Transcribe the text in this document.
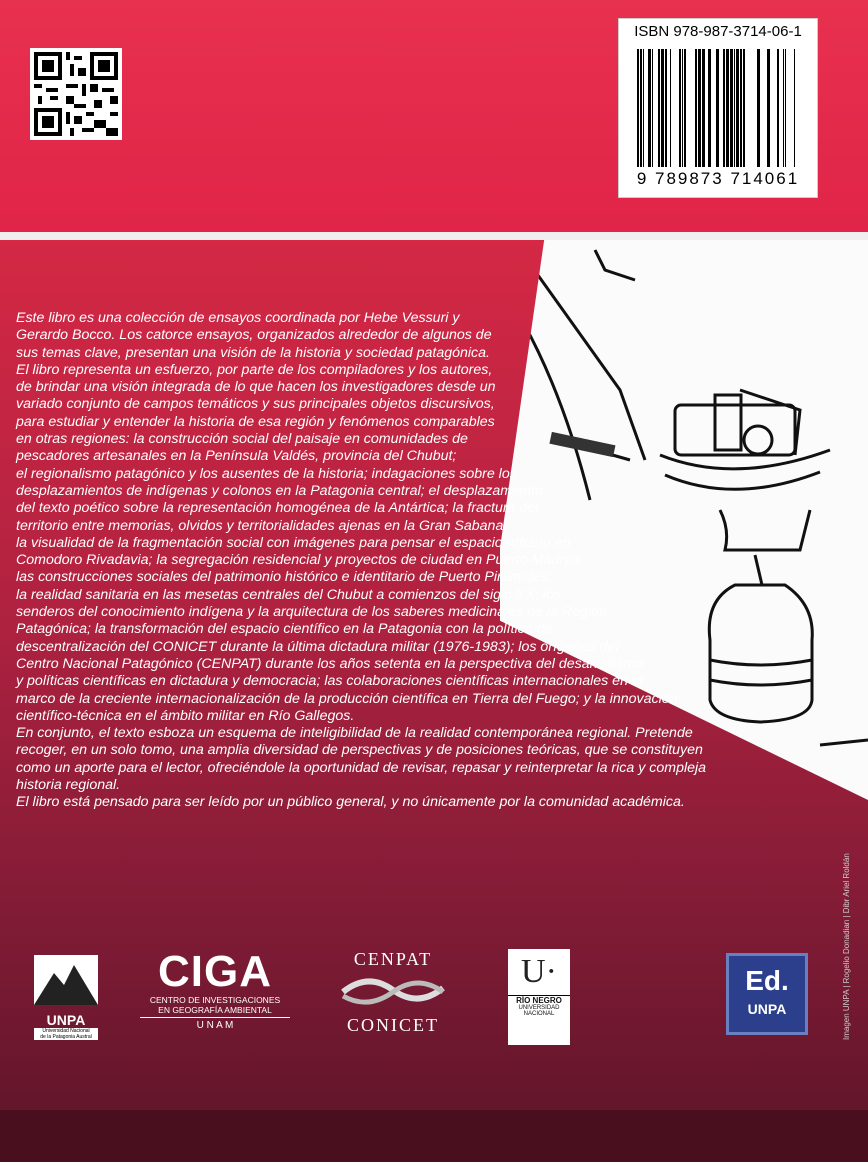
ISBN 978-987-3714-06-1
9 789873 714061

Este libro es una colección de ensayos coordinada por Hebe Vessuri y

Gerardo Bocco. Los catorce ensayos, organizados alrededor de algunos de

sus temas clave, presentan una visión de la historia y sociedad patagónica.

El libro representa un esfuerzo, por parte de los compiladores y los autores,

de brindar una visión integrada de lo que hacen los investigadores desde un

variado conjunto de campos temáticos y sus principales objetos discursivos,

para estudiar y entender la historia de esa región y fenómenos comparables

en otras regiones: la construcción social del paisaje en comunidades de

pescadores artesanales en la Península Valdés, provincia del Chubut;

el regionalismo patagónico y los ausentes de la historia; indagaciones sobre los

desplazamientos de indígenas y colonos en la Patagonia central; el desplazamiento

del texto poético sobre la representación homogénea de la Antártica; la fractura del

territorio entre memorias, olvidos y territorialidades ajenas en la Gran Sabana;

la visualidad de la fragmentación social con imágenes para pensar el espacio urbano en

Comodoro Rivadavia; la segregación residencial y proyectos de ciudad en Puerto Madryn;

las construcciones sociales del patrimonio histórico e identitario de Puerto Pirámides;

la realidad sanitaria en las mesetas centrales del Chubut a comienzos del siglo XX; los

senderos del conocimiento indígena y la arquitectura de los saberes medicinales de la Región

Patagónica; la transformación del espacio científico en la Patagonia con la política de

descentralización del CONICET durante la última dictadura militar (1976-1983); los orígenes del

Centro Nacional Patagónico (CENPAT) durante los años setenta en la perspectiva del desarrollismo

y políticas científicas en dictadura y democracia; las colaboraciones científicas internacionales en el

marco de la creciente internacionalización de la producción científica en Tierra del Fuego; y la innovación

científico-técnica en el ámbito militar en Río Gallegos.

En conjunto, el texto esboza un esquema de inteligibilidad de la realidad contemporánea regional. Pretende

recoger, en un solo tomo, una amplia diversidad de perspectivas y de posiciones teóricas, que se constituyen

como un aporte para el lector, ofreciéndole la oportunidad de revisar, repasar y reinterpretar la rica y compleja

historia regional.

El libro está pensado para ser leído por un público general, y no únicamente por la comunidad académica.

UNPA
Universidad Nacional
de la Patagonia Austral
CIGA
CENTRO DE INVESTIGACIONES
EN GEOGRAFÍA AMBIENTAL
U N A M
CENPAT
CONICET
U·
RÍO NEGRO
UNIVERSIDAD
NACIONAL
Ed.
UNPA	Imagen UNPA | Rogelio Donadian | Dibr Ariel Roldán
